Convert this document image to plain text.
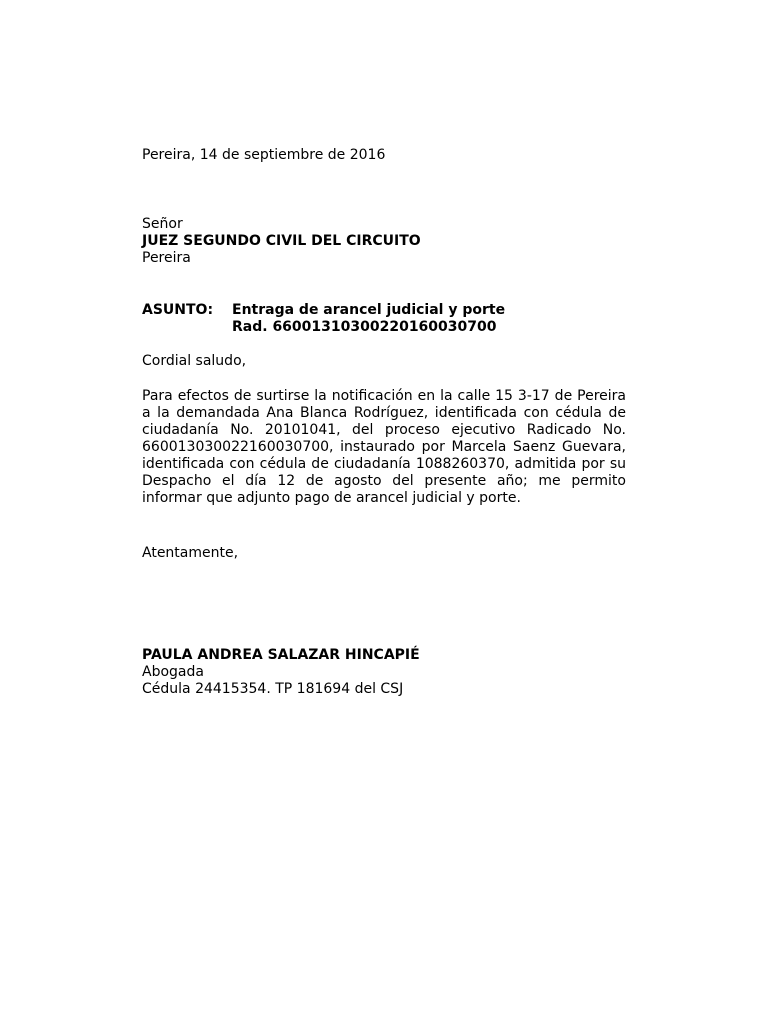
Pereira, 14 de septiembre de 2016

Señor
JUEZ SEGUNDO CIVIL DEL CIRCUITO
Pereira
ASUNTO: Entraga de arancel judicial y porte
Rad. 66001310300220160030700

Cordial saludo,

Para efectos de surtirse la notificación en la calle 15 3-17 de Pereira a la demandada Ana Blanca Rodríguez, identificada con cédula de ciudadanía No. 20101041, del proceso ejecutivo Radicado No. 660013030022160030700, instaurado por Marcela Saenz Guevara, identificada con cédula de ciudadanía 1088260370, admitida por su Despacho el día 12 de agosto del presente año; me permito informar que adjunto pago de arancel judicial y porte.

Atentamente,

PAULA ANDREA SALAZAR HINCAPIÉ
Abogada
Cédula 24415354. TP 181694 del CSJ
